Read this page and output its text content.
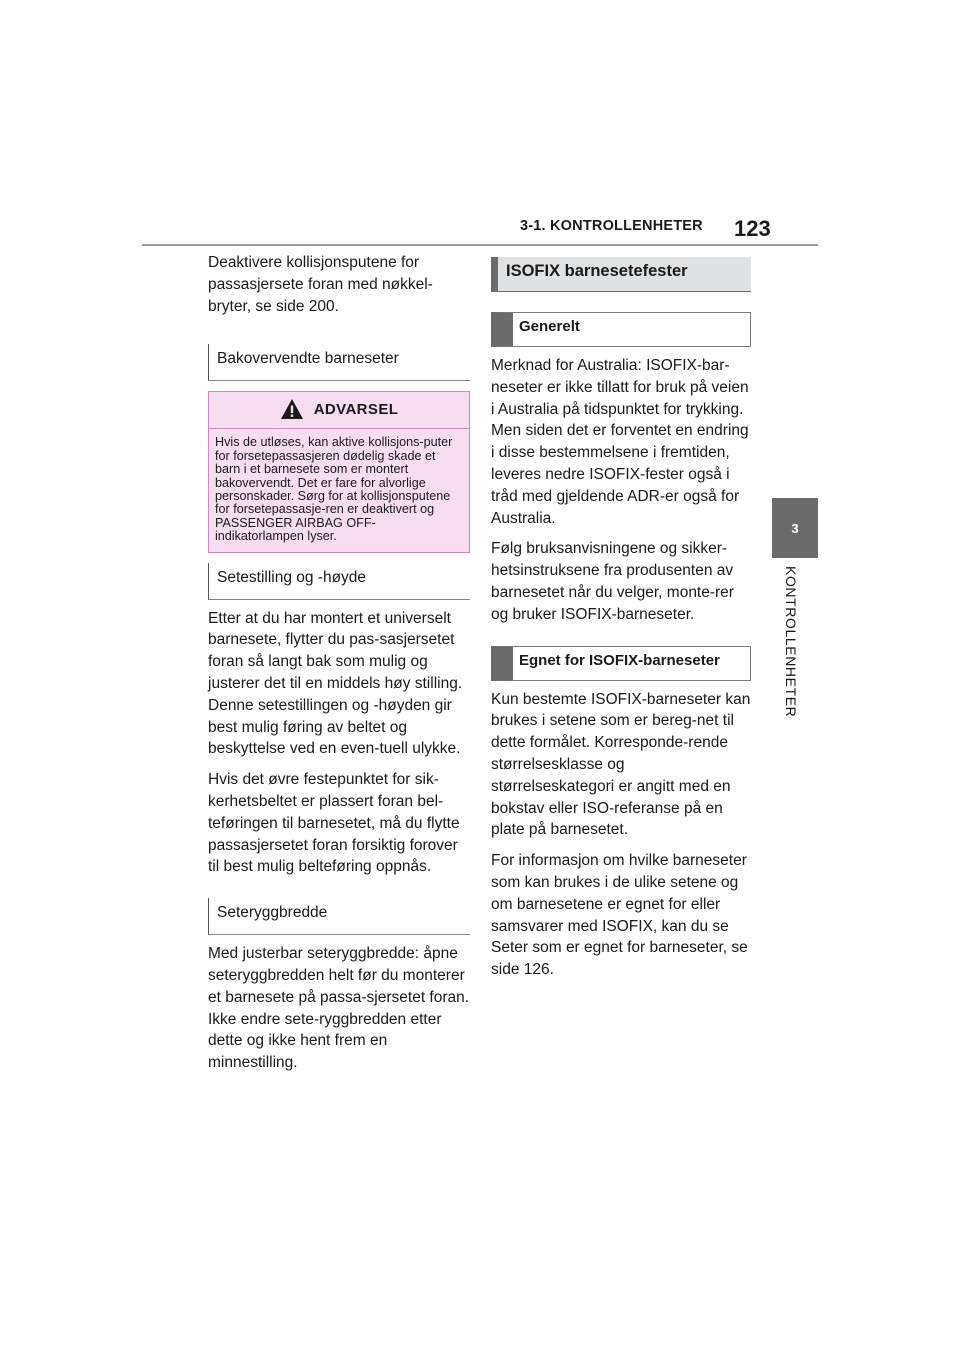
3-1. KONTROLLENHETER 123
3
KONTROLLENHETER

Deaktivere kollisjonsputene for passasjersete foran med nøkkel-bryter, se side 200.

Bakovervendte barneseter
ADVARSEL

Hvis de utløses, kan aktive kollisjons-puter for forsetepassasjeren dødelig skade et barn i et barnesete som er montert bakovervendt. Det er fare for alvorlige personskader. Sørg for at kollisjonsputene for forsetepassasje-ren er deaktivert og PASSENGER AIRBAG OFF-indikatorlampen lyser.

Setestilling og -høyde

Etter at du har montert et universelt barnesete, flytter du pas-sasjersetet foran så langt bak som mulig og justerer det til en middels høy stilling. Denne setestillingen og -høyden gir best mulig føring av beltet og beskyttelse ved en even-tuell ulykke.

Hvis det øvre festepunktet for sik-kerhetsbeltet er plassert foran bel-teføringen til barnesetet, må du flytte passasjersetet foran forsiktig forover til best mulig belteføring oppnås.

Seteryggbredde

Med justerbar seteryggbredde: åpne seteryggbredden helt før du monterer et barnesete på passa-sjersetet foran. Ikke endre sete-ryggbredden etter dette og ikke hent frem en minnestilling.

ISOFIX barnesetefester
Generelt

Merknad for Australia: ISOFIX-bar-neseter er ikke tillatt for bruk på veien i Australia på tidspunktet for trykking. Men siden det er forventet en endring i disse bestemmelsene i fremtiden, leveres nedre ISOFIX-fester også i tråd med gjeldende ADR-er også for Australia.

Følg bruksanvisningene og sikker-hetsinstruksene fra produsenten av barnesetet når du velger, monte-rer og bruker ISOFIX-barneseter.

Egnet for ISOFIX-barneseter

Kun bestemte ISOFIX-barneseter kan brukes i setene som er bereg-net til dette formålet. Korresponde-rende størrelsesklasse og størrelseskategori er angitt med en bokstav eller ISO-referanse på en plate på barnesetet.

For informasjon om hvilke barneseter som kan brukes i de ulike setene og om barnesetene er egnet for eller samsvarer med ISOFIX, kan du se Seter som er egnet for barneseter, se side 126.
